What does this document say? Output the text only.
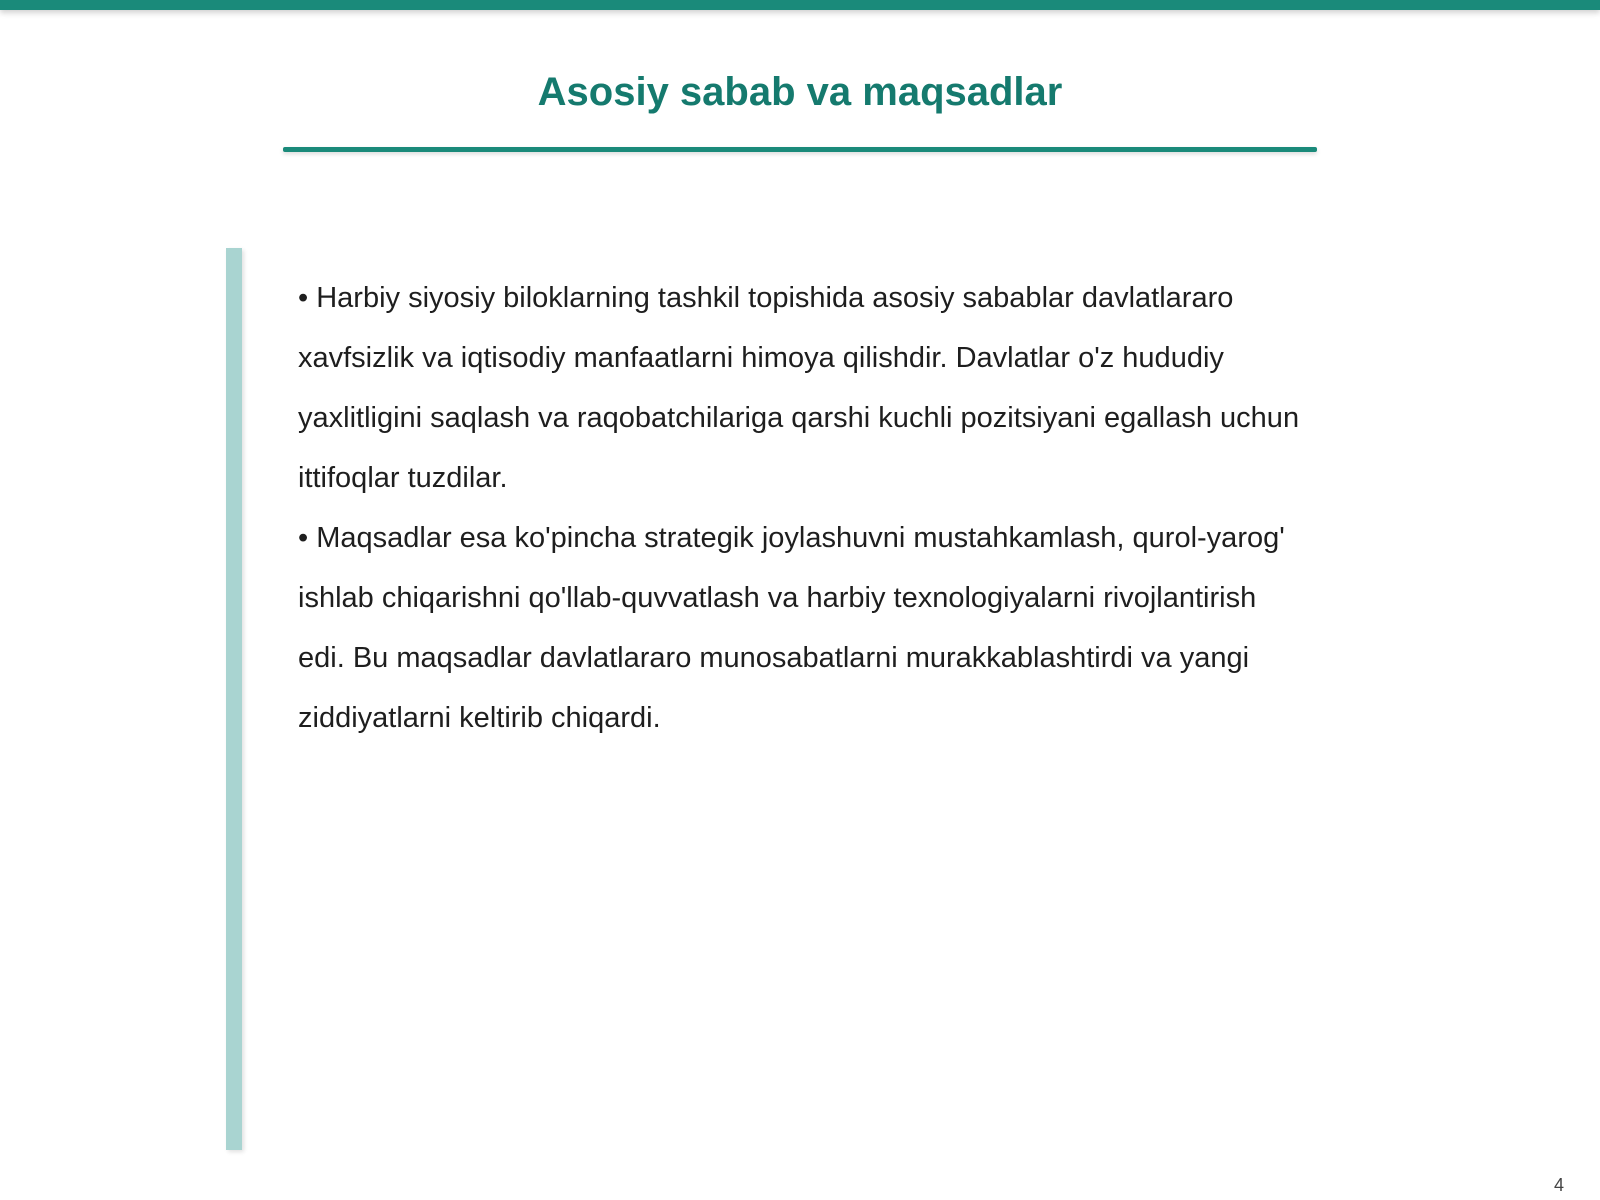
Asosiy sabab va maqsadlar

• Harbiy siyosiy biloklarning tashkil topishida asosiy sabablar davlatlararo xavfsizlik va iqtisodiy manfaatlarni himoya qilishdir. Davlatlar o'z hududiy yaxlitligini saqlash va raqobatchilariga qarshi kuchli pozitsiyani egallash uchun ittifoqlar tuzdilar.

• Maqsadlar esa ko'pincha strategik joylashuvni mustahkamlash, qurol-yarog' ishlab chiqarishni qo'llab-quvvatlash va harbiy texnologiyalarni rivojlantirish edi. Bu maqsadlar davlatlararo munosabatlarni murakkablashtirdi va yangi ziddiyatlarni keltirib chiqardi.

4
